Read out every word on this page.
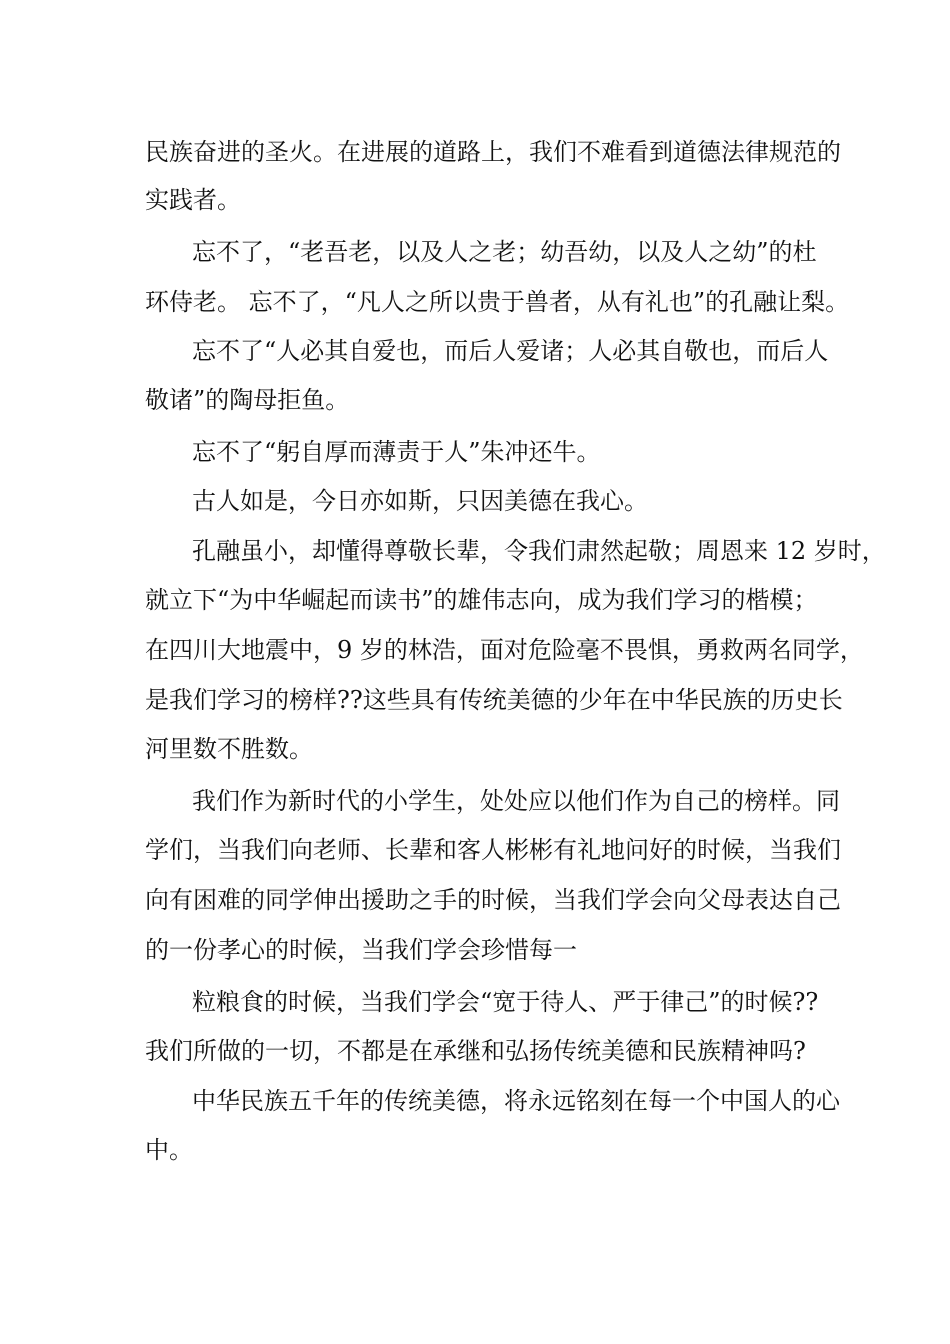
民族奋进的圣火。在进展的道路上，我们不难看到道德法律规范的
实践者。
忘不了，“老吾老，以及人之老；幼吾幼，以及人之幼”的杜
环侍老。 忘不了，“凡人之所以贵于兽者，从有礼也”的孔融让梨。
忘不了“人必其自爱也，而后人爱诸；人必其自敬也，而后人
敬诸”的陶母拒鱼。
忘不了“躬自厚而薄责于人”朱冲还牛。
古人如是，今日亦如斯，只因美德在我心。
孔融虽小，却懂得尊敬长辈，令我们肃然起敬；周恩来 12 岁时，
就立下“为中华崛起而读书”的雄伟志向，成为我们学习的楷模；
在四川大地震中，9 岁的林浩，面对危险毫不畏惧，勇救两名同学，
是我们学习的榜样??这些具有传统美德的少年在中华民族的历史长
河里数不胜数。
我们作为新时代的小学生，处处应以他们作为自己的榜样。同
学们，当我们向老师、长辈和客人彬彬有礼地问好的时候，当我们
向有困难的同学伸出援助之手的时候，当我们学会向父母表达自己
的一份孝心的时候，当我们学会珍惜每一
粒粮食的时候，当我们学会“宽于待人、严于律己”的时候??
我们所做的一切，不都是在承继和弘扬传统美德和民族精神吗?
中华民族五千年的传统美德，将永远铭刻在每一个中国人的心
中。
